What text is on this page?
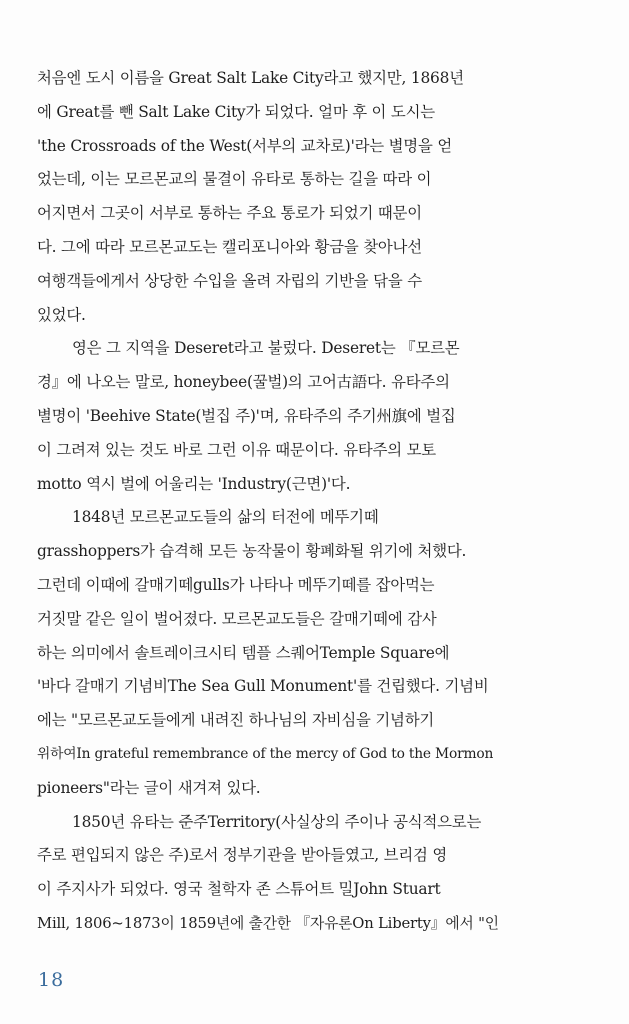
처음엔 도시 이름을 Great Salt Lake City라고 했지만, 1868년
에 Great를 뺀 Salt Lake City가 되었다. 얼마 후 이 도시는
'the Crossroads of the West(서부의 교차로)'라는 별명을 얻
었는데, 이는 모르몬교의 물결이 유타로 통하는 길을 따라 이
어지면서 그곳이 서부로 통하는 주요 통로가 되었기 때문이
다. 그에 따라 모르몬교도는 캘리포니아와 황금을 찾아나선
여행객들에게서 상당한 수입을 올려 자립의 기반을 닦을 수
있었다.
영은 그 지역을 Deseret라고 불렀다. Deseret는 『모르몬
경』에 나오는 말로, honeybee(꿀벌)의 고어古語다. 유타주의
별명이 'Beehive State(벌집 주)'며, 유타주의 주기州旗에 벌집
이 그려져 있는 것도 바로 그런 이유 때문이다. 유타주의 모토
motto 역시 벌에 어울리는 'Industry(근면)'다.
1848년 모르몬교도들의 삶의 터전에 메뚜기떼
grasshoppers가 습격해 모든 농작물이 황폐화될 위기에 처했다.
그런데 이때에 갈매기떼gulls가 나타나 메뚜기떼를 잡아먹는
거짓말 같은 일이 벌어졌다. 모르몬교도들은 갈매기떼에 감사
하는 의미에서 솔트레이크시티 템플 스퀘어Temple Square에
'바다 갈매기 기념비The Sea Gull Monument'를 건립했다. 기념비
에는 "모르몬교도들에게 내려진 하나님의 자비심을 기념하기
위하여In grateful remembrance of the mercy of God to the Mormon
pioneers"라는 글이 새겨져 있다.
1850년 유타는 준주Territory(사실상의 주이나 공식적으로는
주로 편입되지 않은 주)로서 정부기관을 받아들였고, 브리검 영
이 주지사가 되었다. 영국 철학자 존 스튜어트 밀John Stuart
Mill, 1806~1873이 1859년에 출간한 『자유론On Liberty』에서 "인
18
